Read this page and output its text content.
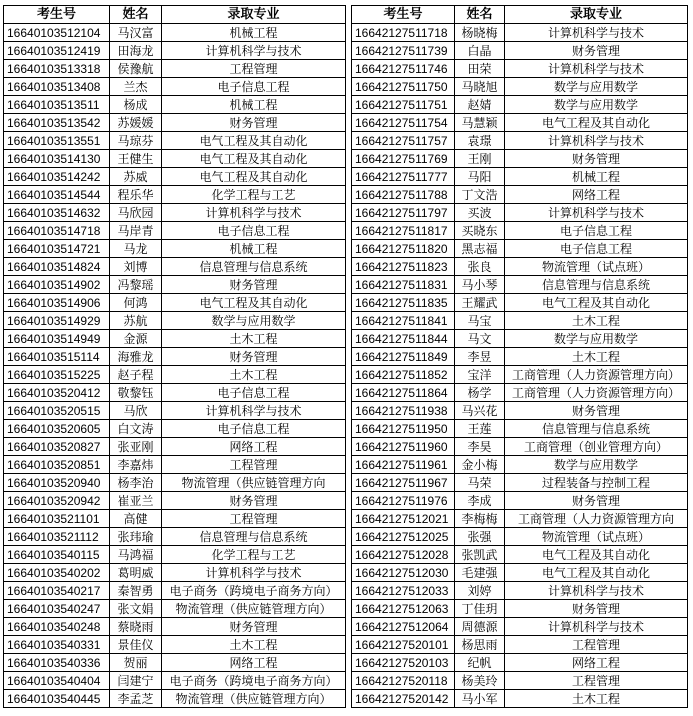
考生号	姓名	录取专业		考生号	姓名	录取专业
16640103512104	马汉富	机械工程		16642127511718	杨晓梅	计算机科学与技术
16640103512419	田海龙	计算机科学与技术		16642127511739	白晶	财务管理
16640103513318	侯豫航	工程管理		16642127511746	田荣	计算机科学与技术
16640103513408	兰杰	电子信息工程		16642127511750	马晓旭	数学与应用数学
16640103513511	杨成	机械工程		16642127511751	赵婧	数学与应用数学
16640103513542	苏媛媛	财务管理		16642127511754	马慧颖	电气工程及其自动化
16640103513551	马琼芬	电气工程及其自动化		16642127511757	袁璟	计算机科学与技术
16640103514130	王健生	电气工程及其自动化		16642127511769	王刚	财务管理
16640103514242	苏威	电气工程及其自动化		16642127511777	马阳	机械工程
16640103514544	程乐华	化学工程与工艺		16642127511788	丁文浩	网络工程
16640103514632	马欣园	计算机科学与技术		16642127511797	买波	计算机科学与技术
16640103514718	马岸青	电子信息工程		16642127511817	买晓东	电子信息工程
16640103514721	马龙	机械工程		16642127511820	黑志福	电子信息工程
16640103514824	刘博	信息管理与信息系统		16642127511823	张良	物流管理（试点班）
16640103514902	冯黎瑶	财务管理		16642127511831	马小琴	信息管理与信息系统
16640103514906	何鸿	电气工程及其自动化		16642127511835	王耀武	电气工程及其自动化
16640103514929	苏航	数学与应用数学		16642127511841	马宝	土木工程
16640103514949	金源	土木工程		16642127511844	马文	数学与应用数学
16640103515114	海雅龙	财务管理		16642127511849	李昱	土木工程
16640103515225	赵子程	土木工程		16642127511852	宝洋	工商管理（人力资源管理方向）
16640103520412	敬黎钰	电子信息工程		16642127511864	杨学	工商管理（人力资源管理方向）
16640103520515	马欣	计算机科学与技术		16642127511938	马兴花	财务管理
16640103520605	白文涛	电子信息工程		16642127511950	王莲	信息管理与信息系统
16640103520827	张亚刚	网络工程		16642127511960	李昊	工商管理（创业管理方向）
16640103520851	李嘉炜	工程管理		16642127511961	金小梅	数学与应用数学
16640103520940	杨李治	物流管理（供应链管理方向		16642127511967	马荣	过程装备与控制工程
16640103520942	崔亚兰	财务管理		16642127511976	李成	财务管理
16640103521101	高健	工程管理		16642127512021	李梅梅	工商管理（人力资源管理方向
16640103521112	张玮瑜	信息管理与信息系统		16642127512025	张强	物流管理（试点班）
16640103540115	马鸿福	化学工程与工艺		16642127512028	张凯武	电气工程及其自动化
16640103540202	葛明威	计算机科学与技术		16642127512030	毛建强	电气工程及其自动化
16640103540217	秦智勇	电子商务（跨境电子商务方向）		16642127512033	刘婷	计算机科学与技术
16640103540247	张文娟	物流管理（供应链管理方向）		16642127512063	丁佳玥	财务管理
16640103540248	蔡晓雨	财务管理		16642127512064	周德源	计算机科学与技术
16640103540331	景佳仪	土木工程		16642127520101	杨思雨	工程管理
16640103540336	贺丽	网络工程		16642127520103	纪帆	网络工程
16640103540404	闫建宁	电子商务（跨境电子商务方向）		16642127520118	杨美玲	工程管理
16640103540445	李孟芝	物流管理（供应链管理方向）		16642127520142	马小军	土木工程
